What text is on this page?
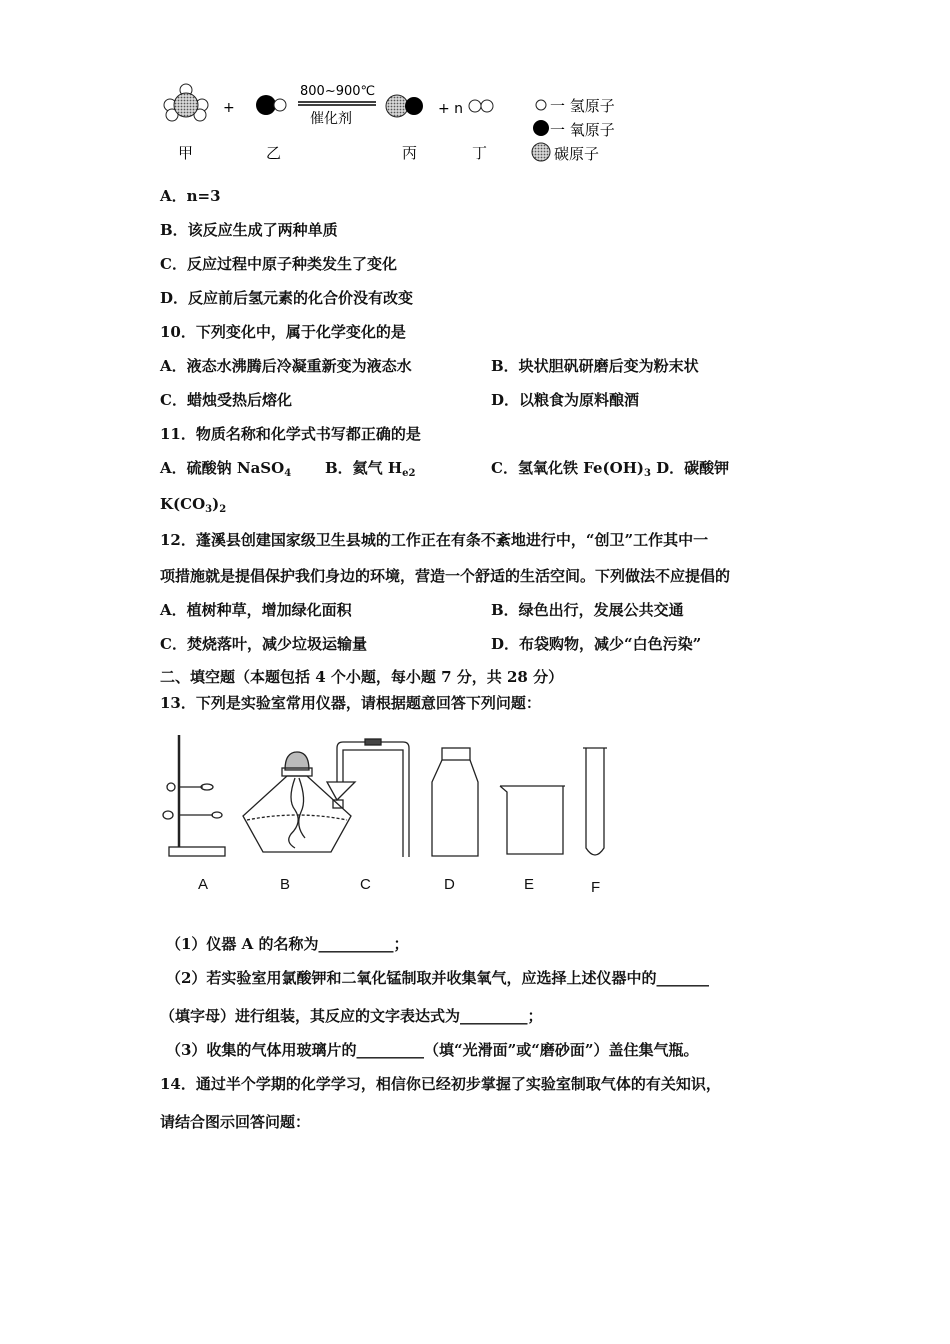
+
800~900℃
催化剂
+ n
甲	乙	丙	丁
一 氢原子
一 氧原子
碳原子
A．n=3
B．该反应生成了两种单质
C．反应过程中原子种类发生了变化
D．反应前后氢元素的化合价没有改变
10．下列变化中，属于化学变化的是
A．液态水沸腾后冷凝重新变为液态水	B．块状胆矾研磨后变为粉末状
C．蜡烛受热后熔化	D．以粮食为原料酿酒
11．物质名称和化学式书写都正确的是
A．硫酸钠 NaSO$_4$ B．氦气 $H_{e2}$	C．氢氧化铁 $Fe(OH)_3$ D．碳酸钾
$K(CO_3)_2$
12．蓬溪县创建国家级卫生县城的工作正在有条不紊地进行中，“创卫”工作其中一
项措施就是提倡保护我们身边的环境，营造一个舒适的生活空间。下列做法不应提倡的
A．植树种草，增加绿化面积	B．绿色出行，发展公共交通
C．焚烧落叶，减少垃圾运输量	D．布袋购物，减少“白色污染”
二、填空题（本题包括 4 个小题，每小题 7 分，共 28 分）
13．下列是实验室常用仪器，请根据题意回答下列问题：
A	B	C	D	E	F
（1）仪器 A 的名称为__________；
（2）若实验室用氯酸钾和二氧化锰制取并收集氧气，应选择上述仪器中的_______
（填字母）进行组装，其反应的文字表达式为_________；
（3）收集的气体用玻璃片的_________（填“光滑面”或“磨砂面”）盖住集气瓶。
14．通过半个学期的化学学习，相信你已经初步掌握了实验室制取气体的有关知识，
请结合图示回答问题：
